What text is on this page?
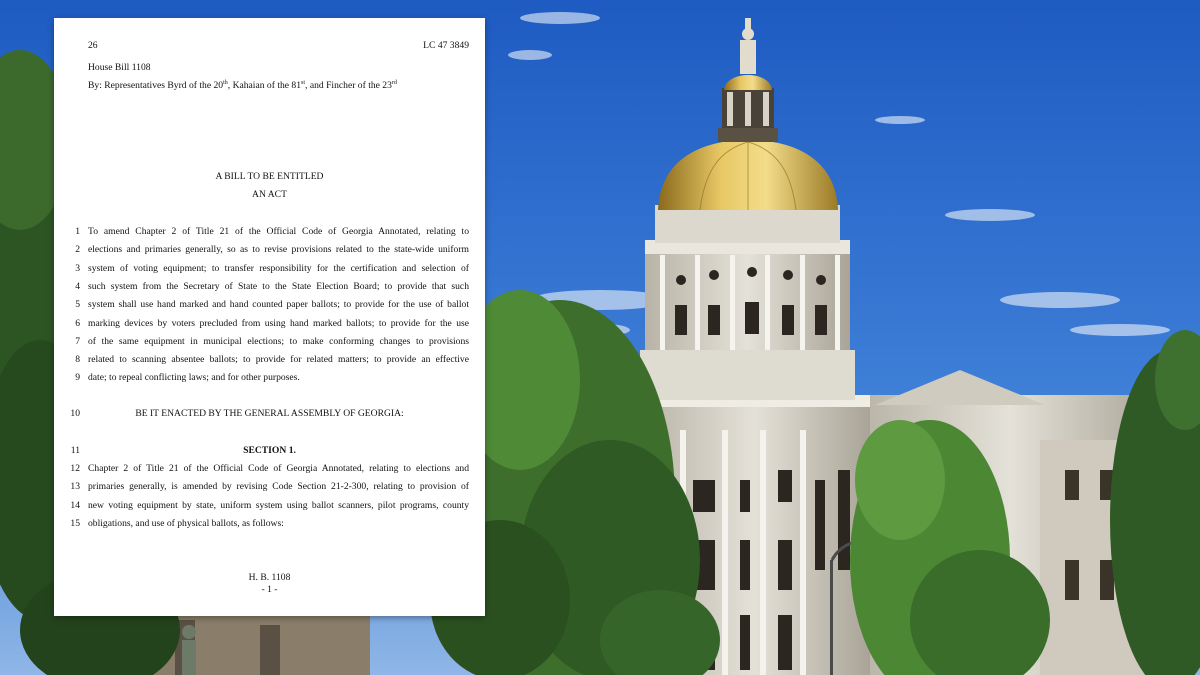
26	LC 47 3849
House Bill 1108
By: Representatives Byrd of the 20th, Kahaian of the 81st, and Fincher of the 23rd
A BILL TO BE ENTITLED
AN ACT
1 To amend Chapter 2 of Title 21 of the Official Code of Georgia Annotated, relating to
2 elections and primaries generally, so as to revise provisions related to the state-wide uniform
3 system of voting equipment; to transfer responsibility for the certification and selection of
4 such system from the Secretary of State to the State Election Board; to provide that such
5 system shall use hand marked and hand counted paper ballots; to provide for the use of ballot
6 marking devices by voters precluded from using hand marked ballots; to provide for the use
7 of the same equipment in municipal elections; to make conforming changes to provisions
8 related to scanning absentee ballots; to provide for related matters; to provide an effective
9 date; to repeal conflicting laws; and for other purposes.
10	BE IT ENACTED BY THE GENERAL ASSEMBLY OF GEORGIA:
11	SECTION 1.
12 Chapter 2 of Title 21 of the Official Code of Georgia Annotated, relating to elections and
13 primaries generally, is amended by revising Code Section 21-2-300, relating to provision of
14 new voting equipment by state, uniform system using ballot scanners, pilot programs, county
15 obligations, and use of physical ballots, as follows:
H. B. 1108
- 1 -
